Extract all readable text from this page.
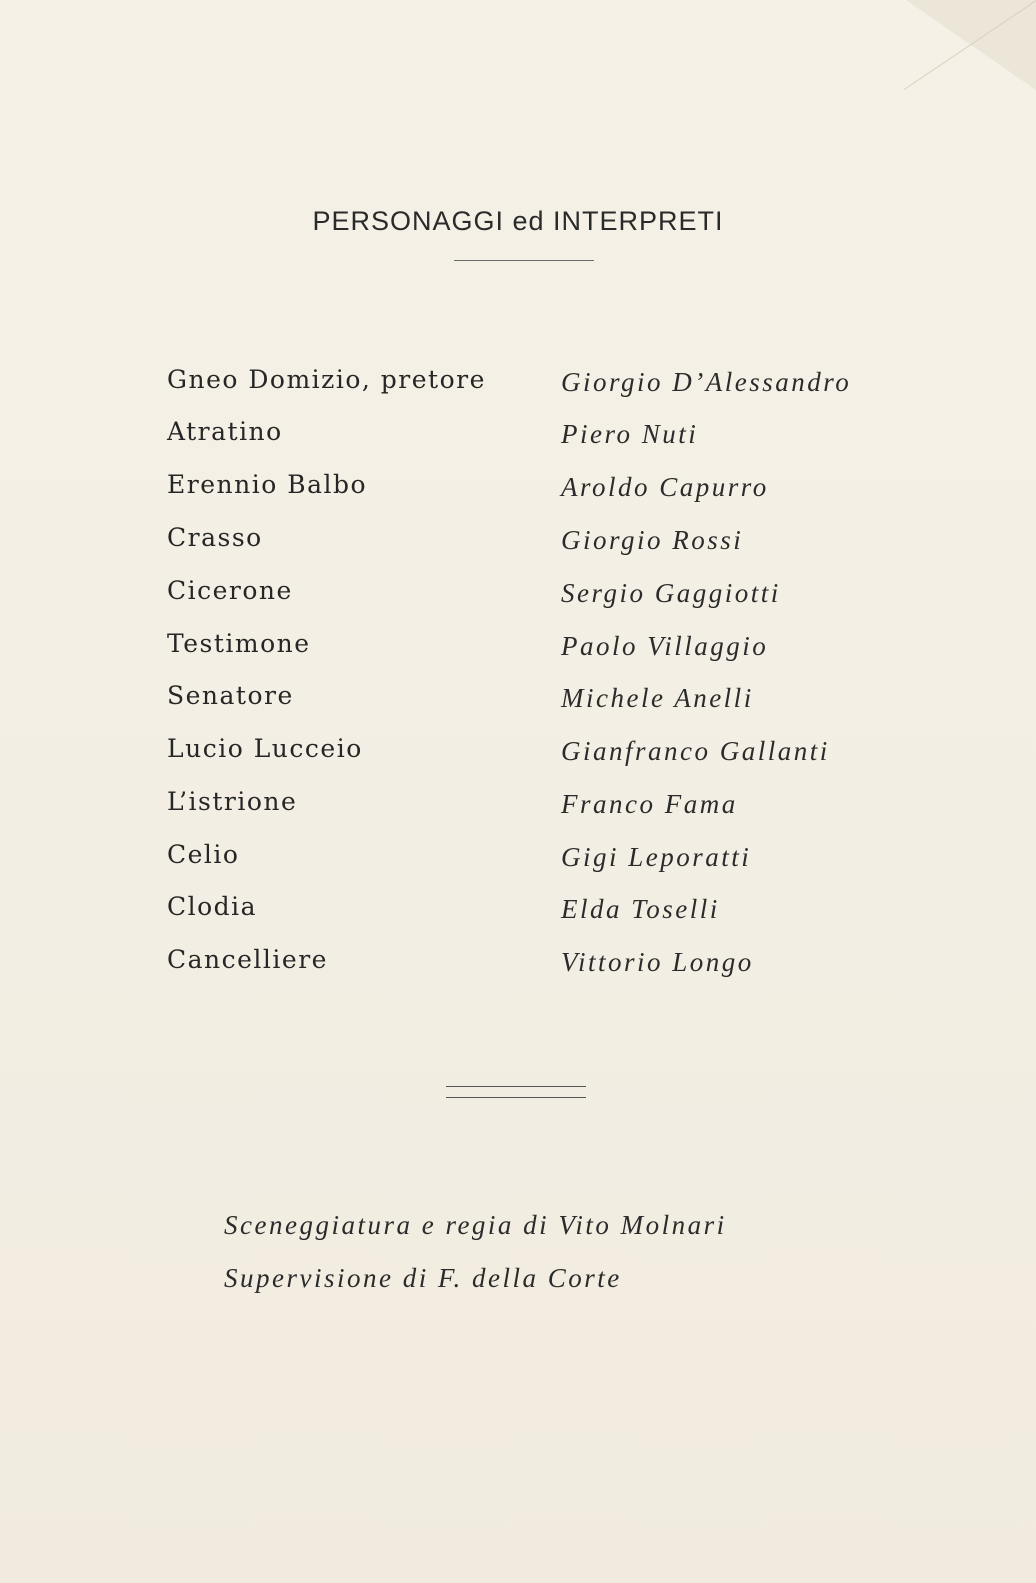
PERSONAGGI ed INTERPRETI
Gneo Domizio, pretore	Giorgio D’Alessandro
Atratino	Piero Nuti
Erennio Balbo	Aroldo Capurro
Crasso	Giorgio Rossi
Cicerone	Sergio Gaggiotti
Testimone	Paolo Villaggio
Senatore	Michele Anelli
Lucio Lucceio	Gianfranco Gallanti
L’istrione	Franco Fama
Celio	Gigi Leporatti
Clodia	Elda Toselli
Cancelliere	Vittorio Longo
Sceneggiatura e regia di Vito Molnari
Supervisione di F. della Corte
